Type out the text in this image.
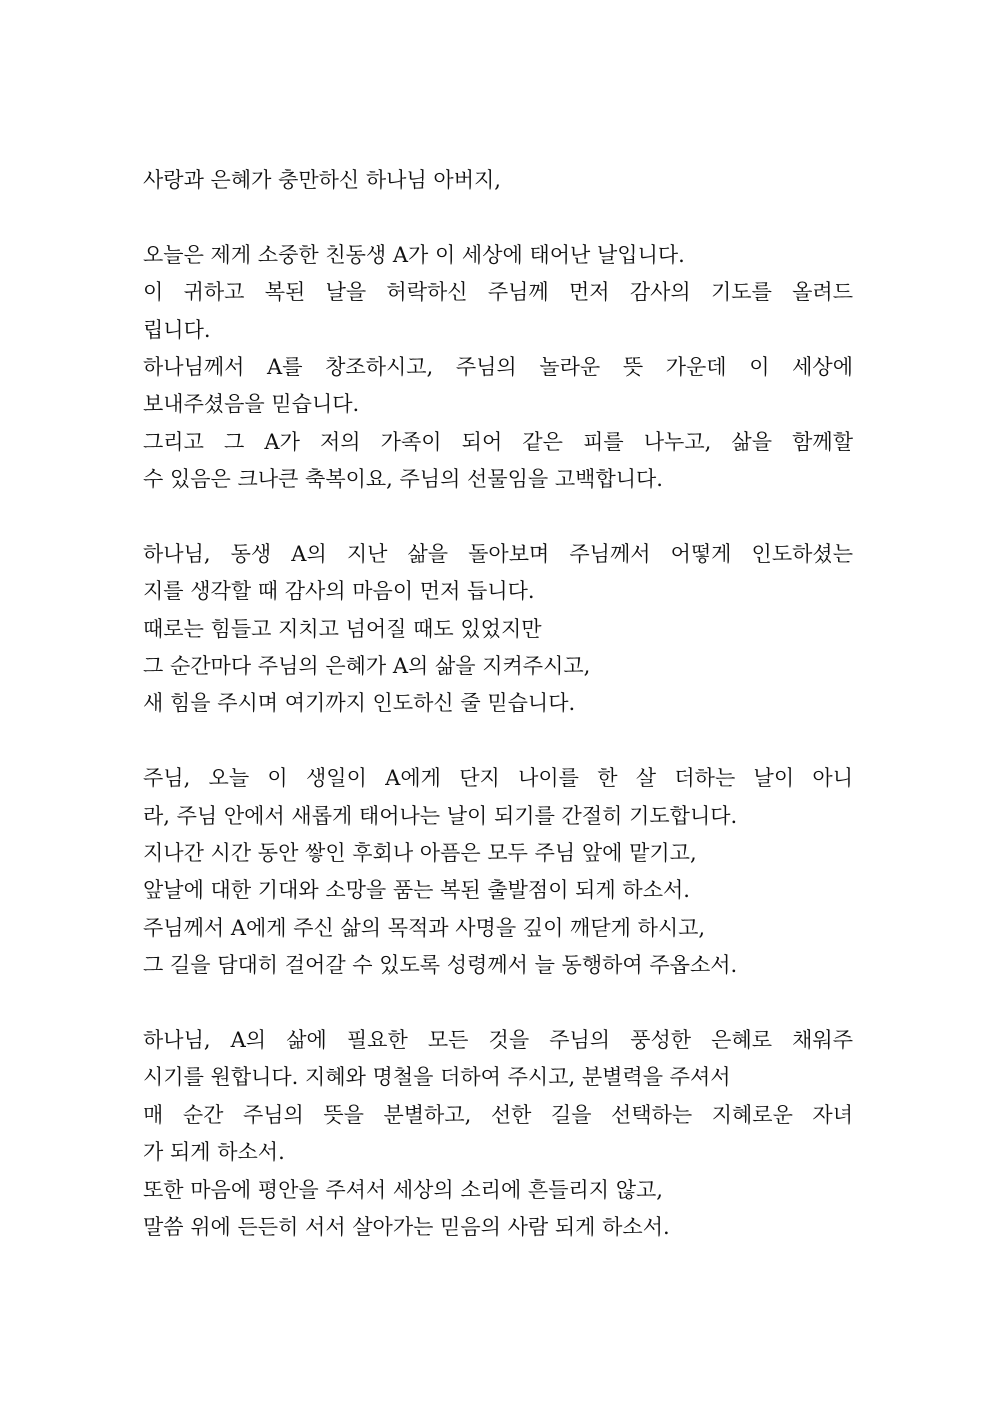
사랑과 은혜가 충만하신 하나님 아버지,
오늘은 제게 소중한 친동생 A가 이 세상에 태어난 날입니다.
이 귀하고 복된 날을 허락하신 주님께 먼저 감사의 기도를 올려드
립니다.
하나님께서 A를 창조하시고, 주님의 놀라운 뜻 가운데 이 세상에
보내주셨음을 믿습니다.
그리고 그 A가 저의 가족이 되어 같은 피를 나누고, 삶을 함께할
수 있음은 크나큰 축복이요, 주님의 선물임을 고백합니다.
하나님, 동생 A의 지난 삶을 돌아보며 주님께서 어떻게 인도하셨는
지를 생각할 때 감사의 마음이 먼저 듭니다.
때로는 힘들고 지치고 넘어질 때도 있었지만
그 순간마다 주님의 은혜가 A의 삶을 지켜주시고,
새 힘을 주시며 여기까지 인도하신 줄 믿습니다.
주님, 오늘 이 생일이 A에게 단지 나이를 한 살 더하는 날이 아니
라, 주님 안에서 새롭게 태어나는 날이 되기를 간절히 기도합니다.
지나간 시간 동안 쌓인 후회나 아픔은 모두 주님 앞에 맡기고,
앞날에 대한 기대와 소망을 품는 복된 출발점이 되게 하소서.
주님께서 A에게 주신 삶의 목적과 사명을 깊이 깨닫게 하시고,
그 길을 담대히 걸어갈 수 있도록 성령께서 늘 동행하여 주옵소서.
하나님, A의 삶에 필요한 모든 것을 주님의 풍성한 은혜로 채워주
시기를 원합니다. 지혜와 명철을 더하여 주시고, 분별력을 주셔서
매 순간 주님의 뜻을 분별하고, 선한 길을 선택하는 지혜로운 자녀
가 되게 하소서.
또한 마음에 평안을 주셔서 세상의 소리에 흔들리지 않고,
말씀 위에 든든히 서서 살아가는 믿음의 사람 되게 하소서.
